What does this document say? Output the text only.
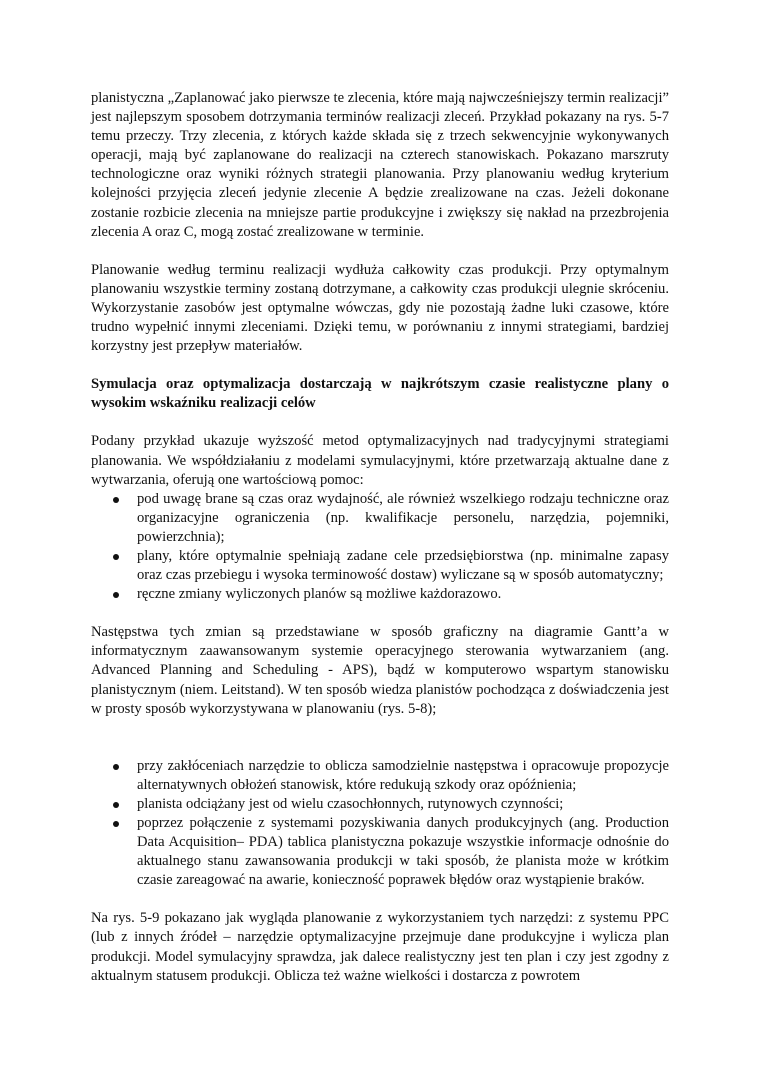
planistyczna „Zaplanować jako pierwsze te zlecenia, które mają najwcześniejszy termin realizacji” jest najlepszym sposobem dotrzymania terminów realizacji zleceń. Przykład pokazany na rys. 5-7 temu przeczy. Trzy zlecenia, z których każde składa się z trzech sekwencyjnie wykonywanych operacji, mają być zaplanowane do realizacji na czterech stanowiskach. Pokazano marszruty technologiczne oraz wyniki różnych strategii planowania. Przy planowaniu według kryterium kolejności przyjęcia zleceń jedynie zlecenie A będzie zrealizowane na czas. Jeżeli dokonane zostanie rozbicie zlecenia na mniejsze partie produkcyjne i zwiększy się nakład na przezbrojenia zlecenia A oraz C, mogą zostać zrealizowane w terminie.

Planowanie według terminu realizacji wydłuża całkowity czas produkcji. Przy optymalnym planowaniu wszystkie terminy zostaną dotrzymane, a całkowity czas produkcji ulegnie skróceniu. Wykorzystanie zasobów jest optymalne wówczas, gdy nie pozostają żadne luki czasowe, które trudno wypełnić innymi zleceniami. Dzięki temu, w porównaniu z innymi strategiami, bardziej korzystny jest przepływ materiałów.

Symulacja oraz optymalizacja dostarczają w najkrótszym czasie realistyczne plany o wysokim wskaźniku realizacji celów

Podany przykład ukazuje wyższość metod optymalizacyjnych nad tradycyjnymi strategiami planowania. We współdziałaniu z modelami symulacyjnymi, które przetwarzają aktualne dane z wytwarzania, oferują one wartościową pomoc:

pod uwagę brane są czas oraz wydajność, ale również wszelkiego rodzaju techniczne oraz organizacyjne ograniczenia (np. kwalifikacje personelu, narzędzia, pojemniki, powierzchnia);
plany, które optymalnie spełniają zadane cele przedsiębiorstwa (np. minimalne zapasy oraz czas przebiegu i wysoka terminowość dostaw) wyliczane są w sposób automatyczny;
ręczne zmiany wyliczonych planów są możliwe każdorazowo.

Następstwa tych zmian są przedstawiane w sposób graficzny na diagramie Gantt’a w informatycznym zaawansowanym systemie operacyjnego sterowania wytwarzaniem (ang. Advanced Planning and Scheduling - APS), bądź w komputerowo wspartym stanowisku planistycznym (niem. Leitstand). W ten sposób wiedza planistów pochodząca z doświadczenia jest w prosty sposób wykorzystywana w planowaniu (rys. 5-8);

przy zakłóceniach narzędzie to oblicza samodzielnie następstwa i opracowuje propozycje alternatywnych obłożeń stanowisk, które redukują szkody oraz opóźnienia;
planista odciążany jest od wielu czasochłonnych, rutynowych czynności;
poprzez połączenie z systemami pozyskiwania danych produkcyjnych (ang. Production Data Acquisition– PDA) tablica planistyczna pokazuje wszystkie informacje odnośnie do aktualnego stanu zawansowania produkcji w taki sposób, że planista może w krótkim czasie zareagować na awarie, konieczność poprawek błędów oraz wystąpienie braków.

Na rys. 5-9 pokazano jak wygląda planowanie z wykorzystaniem tych narzędzi: z systemu PPC (lub z innych źródeł – narzędzie optymalizacyjne przejmuje dane produkcyjne i wylicza plan produkcji. Model symulacyjny sprawdza, jak dalece realistyczny jest ten plan i czy jest zgodny z aktualnym statusem produkcji. Oblicza też ważne wielkości i dostarcza z powrotem
